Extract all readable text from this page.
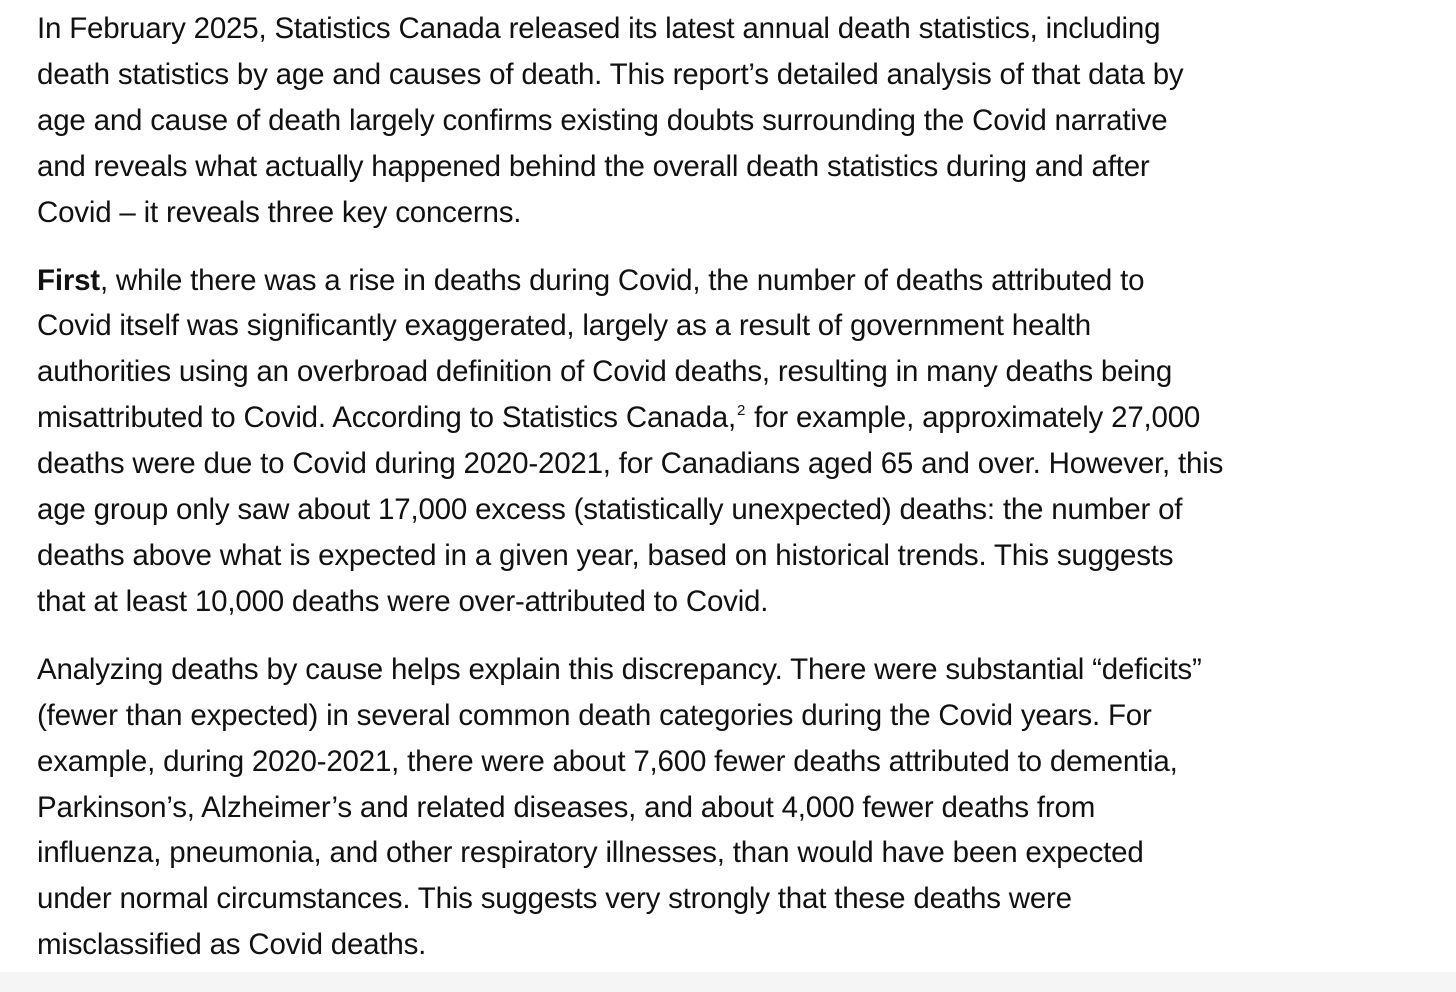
In February 2025, Statistics Canada released its latest annual death statistics, including
death statistics by age and causes of death. This report’s detailed analysis of that data by
age and cause of death largely confirms existing doubts surrounding the Covid narrative
and reveals what actually happened behind the overall death statistics during and after
Covid – it reveals three key concerns.

First, while there was a rise in deaths during Covid, the number of deaths attributed to
Covid itself was significantly exaggerated, largely as a result of government health
authorities using an overbroad definition of Covid deaths, resulting in many deaths being
misattributed to Covid. According to Statistics Canada,$^2$ for example, approximately 27,000
deaths were due to Covid during 2020-2021, for Canadians aged 65 and over. However, this
age group only saw about 17,000 excess (statistically unexpected) deaths: the number of
deaths above what is expected in a given year, based on historical trends. This suggests
that at least 10,000 deaths were over-attributed to Covid.

Analyzing deaths by cause helps explain this discrepancy. There were substantial “deficits”
(fewer than expected) in several common death categories during the Covid years. For
example, during 2020-2021, there were about 7,600 fewer deaths attributed to dementia,
Parkinson’s, Alzheimer’s and related diseases, and about 4,000 fewer deaths from
influenza, pneumonia, and other respiratory illnesses, than would have been expected
under normal circumstances. This suggests very strongly that these deaths were
misclassified as Covid deaths.
